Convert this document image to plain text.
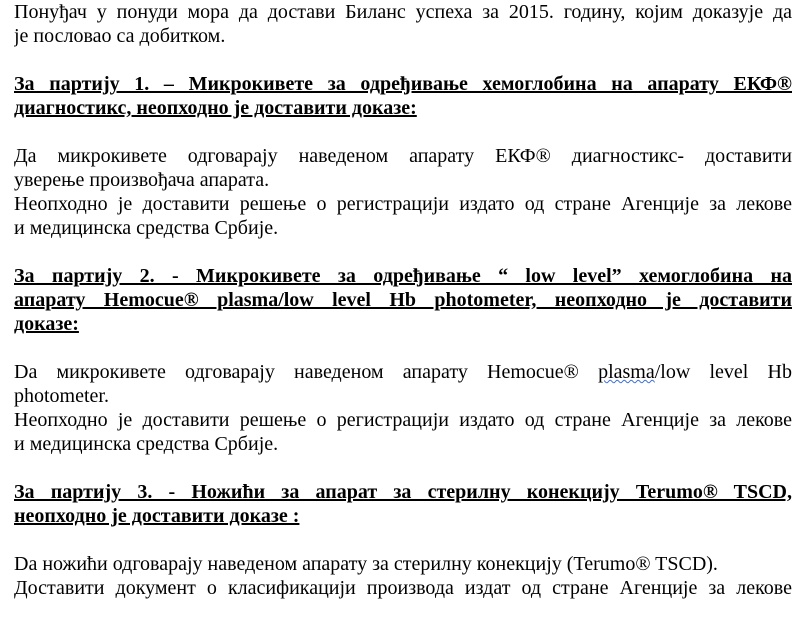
Понуђач у понуди мора да достави Биланс успеха за 2015. годину, којим доказује да
је пословао са добитком.

За партију 1. – Микрокивете за одређивање хемоглобина на апарату ЕКФ®
диагностикс, неопходно је доставити доказе:

Да микрокивете одговарају наведеном апарату ЕКФ® диагностикс- доставити
уверење произвођача апарата.
Неопходно је доставити решење о регистрацији издато од стране Агенције за лекове
и медицинска средства Србије.

За партију 2. - Микрокивете за одређивање “ low level” хемоглобина на
апарату Hemocue® plasma/low level Hb photometer, неопходно је доставити
доказе:

Da микрокивете одговарају наведеном апарату Hemocue® plasma/low level Hb
photometer.
Неопходно је доставити решење о регистрацији издато од стране Агенције за лекове
и медицинска средства Србије.

За партију 3. - Ножићи за апарат за стерилну конекцију Terumo® TSCD,
неопходно је доставити доказе :

Da ножићи одговарају наведеном апарату за стерилну конекцију (Terumo® TSCD).
Доставити документ о класификацији производа издат од стране Агенције за лекове
